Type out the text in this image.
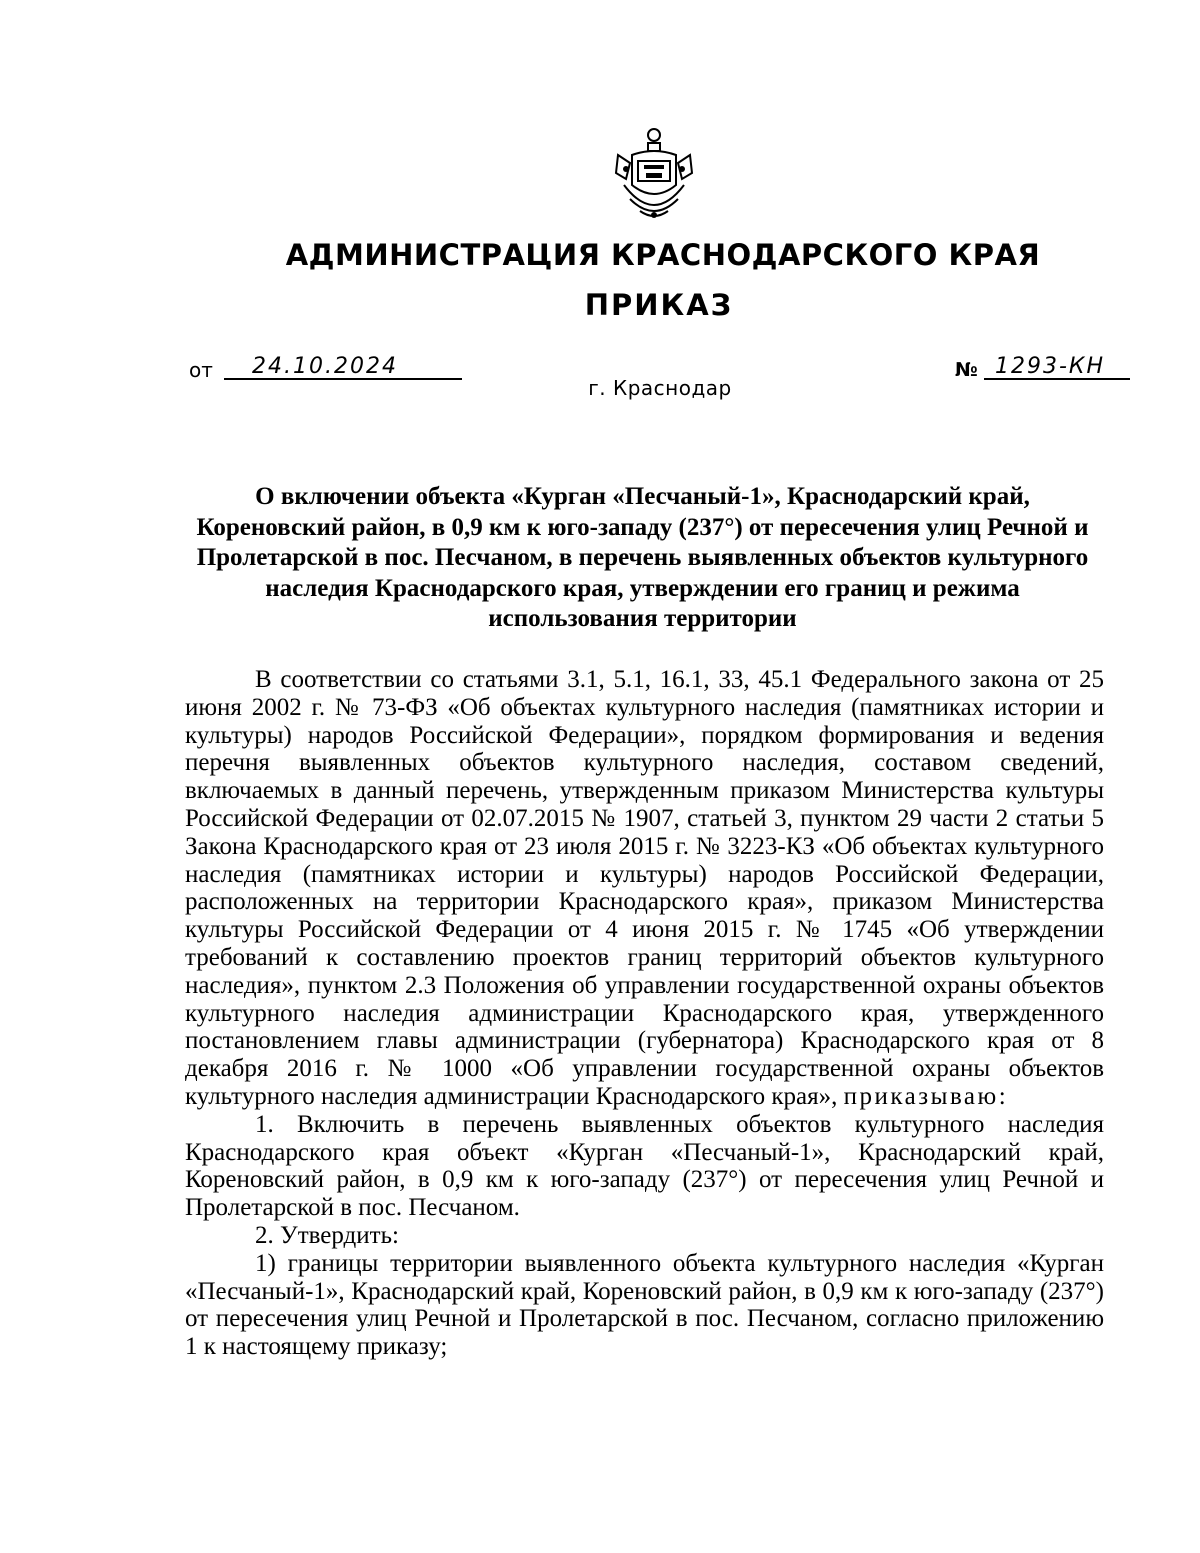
АДМИНИСТРАЦИЯ КРАСНОДАРСКОГО КРАЯ
ПРИКАЗ
от 24.10.2024	№ 1293-КН
г. Краснодар
О включении объекта «Курган «Песчаный-1», Краснодарский край, Кореновский район, в 0,9 км к юго-западу (237°) от пересечения улиц Речной и Пролетарской в пос. Песчаном, в перечень выявленных объектов культурного наследия Краснодарского края, утверждении его границ и режима использования территории

В соответствии со статьями 3.1, 5.1, 16.1, 33, 45.1 Федерального закона от 25 июня 2002 г. № 73-ФЗ «Об объектах культурного наследия (памятниках истории и культуры) народов Российской Федерации», порядком формирования и ведения перечня выявленных объектов культурного наследия, составом сведений, включаемых в данный перечень, утвержденным приказом Министерства культуры Российской Федерации от 02.07.2015 № 1907, статьей 3, пунктом 29 части 2 статьи 5 Закона Краснодарского края от 23 июля 2015 г. № 3223-КЗ «Об объектах культурного наследия (памятниках истории и культуры) народов Российской Федерации, расположенных на территории Краснодарского края», приказом Министерства культуры Российской Федерации от 4 июня 2015 г. № 1745 «Об утверждении требований к составлению проектов границ территорий объектов культурного наследия», пунктом 2.3 Положения об управлении государственной охраны объектов культурного наследия администрации Краснодарского края, утвержденного постановлением главы администрации (губернатора) Краснодарского края от 8 декабря 2016 г. № 1000 «Об управлении государственной охраны объектов культурного наследия администрации Краснодарского края», приказываю:

1. Включить в перечень выявленных объектов культурного наследия Краснодарского края объект «Курган «Песчаный-1», Краснодарский край, Кореновский район, в 0,9 км к юго-западу (237°) от пересечения улиц Речной и Пролетарской в пос. Песчаном.

2. Утвердить:

1) границы территории выявленного объекта культурного наследия «Курган «Песчаный-1», Краснодарский край, Кореновский район, в 0,9 км к юго-западу (237°) от пересечения улиц Речной и Пролетарской в пос. Песчаном, согласно приложению 1 к настоящему приказу;
